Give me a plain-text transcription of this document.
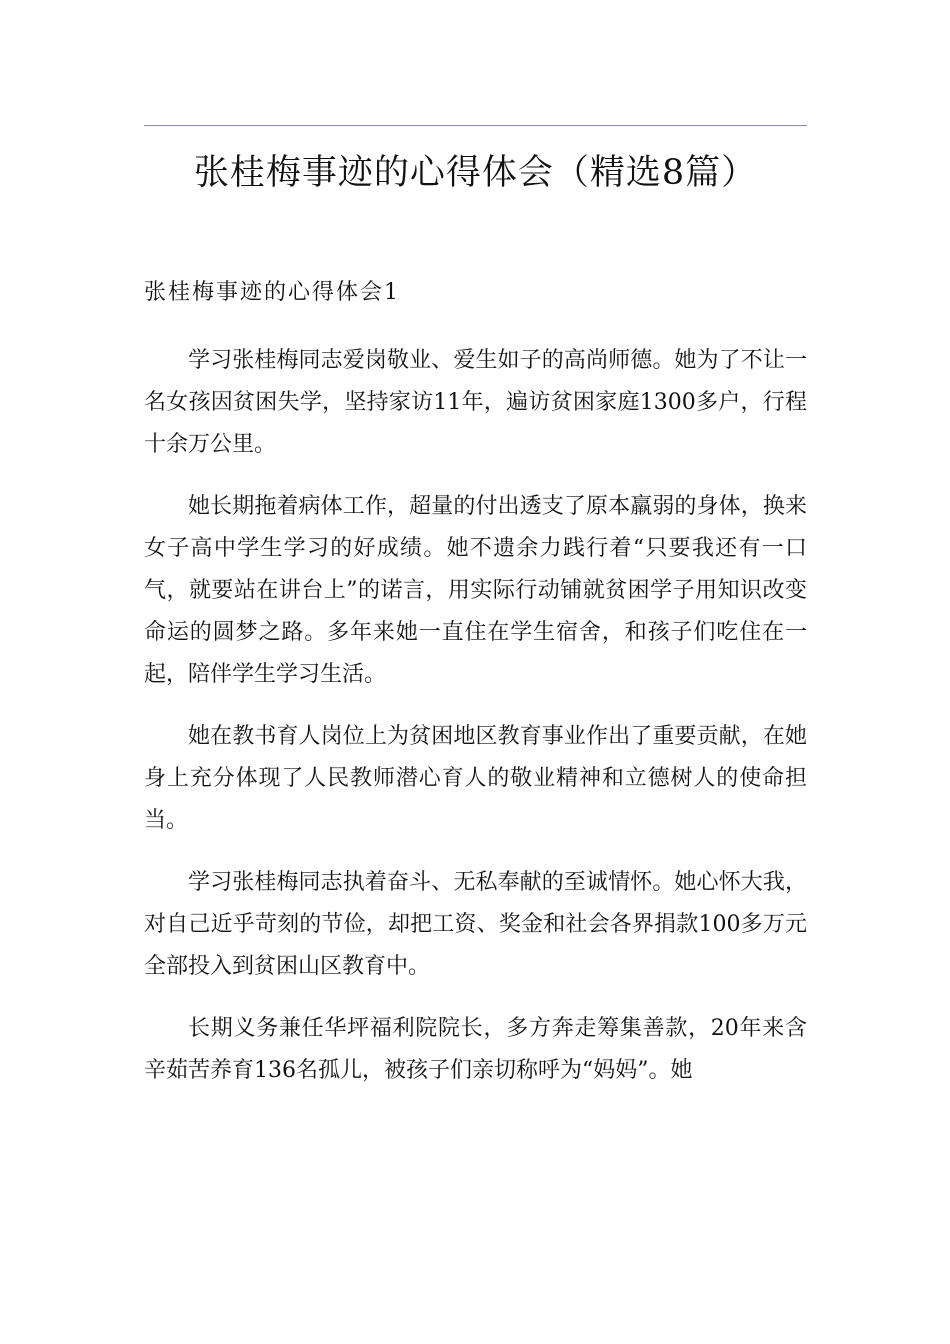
张桂梅事迹的心得体会（精选8篇）
张桂梅事迹的心得体会1

学习张桂梅同志爱岗敬业、爱生如子的高尚师德。她为了不让一名女孩因贫困失学，坚持家访11年，遍访贫困家庭1300多户，行程十余万公里。

她长期拖着病体工作，超量的付出透支了原本羸弱的身体，换来女子高中学生学习的好成绩。她不遗余力践行着“只要我还有一口气，就要站在讲台上”的诺言，用实际行动铺就贫困学子用知识改变命运的圆梦之路。多年来她一直住在学生宿舍，和孩子们吃住在一起，陪伴学生学习生活。

她在教书育人岗位上为贫困地区教育事业作出了重要贡献，在她身上充分体现了人民教师潜心育人的敬业精神和立德树人的使命担当。

学习张桂梅同志执着奋斗、无私奉献的至诚情怀。她心怀大我，对自己近乎苛刻的节俭，却把工资、奖金和社会各界捐款100多万元全部投入到贫困山区教育中。

长期义务兼任华坪福利院院长，多方奔走筹集善款，20年来含辛茹苦养育136名孤儿，被孩子们亲切称呼为“妈妈”。她
